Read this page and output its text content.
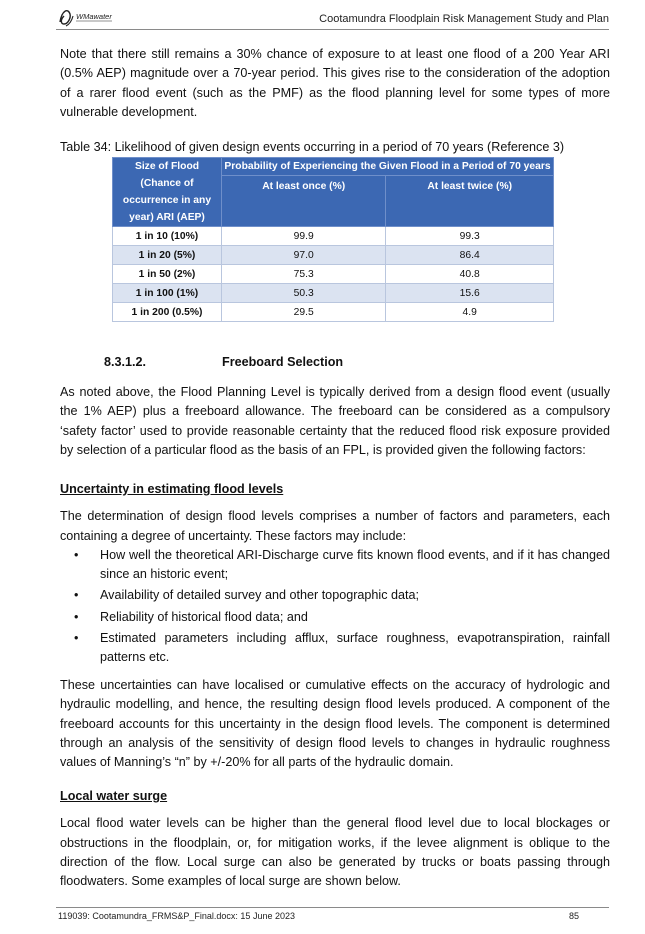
WMawater	Cootamundra Floodplain Risk Management Study and Plan

Note that there still remains a 30% chance of exposure to at least one flood of a 200 Year ARI (0.5% AEP) magnitude over a 70-year period. This gives rise to the consideration of the adoption of a rarer flood event (such as the PMF) as the flood planning level for some types of more vulnerable development.

Table 34: Likelihood of given design events occurring in a period of 70 years (Reference 3)
Size of Flood (Chance of occurrence in any year) ARI (AEP)	Probability of Experiencing the Given Flood in a Period of 70 years	
	At least once (%)	At least twice (%)
1 in 10 (10%)	99.9	99.3
1 in 20 (5%)	97.0	86.4
1 in 50 (2%)	75.3	40.8
1 in 100 (1%)	50.3	15.6
1 in 200 (0.5%)	29.5	4.9
8.3.1.2.	Freeboard Selection

As noted above, the Flood Planning Level is typically derived from a design flood event (usually the 1% AEP) plus a freeboard allowance. The freeboard can be considered as a compulsory ‘safety factor’ used to provide reasonable certainty that the reduced flood risk exposure provided by selection of a particular flood as the basis of an FPL, is provided given the following factors:

Uncertainty in estimating flood levels

The determination of design flood levels comprises a number of factors and parameters, each containing a degree of uncertainty. These factors may include:

• How well the theoretical ARI-Discharge curve fits known flood events, and if it has changed since an historic event;
• Availability of detailed survey and other topographic data;
• Reliability of historical flood data; and
• Estimated parameters including afflux, surface roughness, evapotranspiration, rainfall patterns etc.

These uncertainties can have localised or cumulative effects on the accuracy of hydrologic and hydraulic modelling, and hence, the resulting design flood levels produced. A component of the freeboard accounts for this uncertainty in the design flood levels. The component is determined through an analysis of the sensitivity of design flood levels to changes in hydraulic roughness values of Manning’s “n” by +/-20% for all parts of the hydraulic domain.

Local water surge

Local flood water levels can be higher than the general flood level due to local blockages or obstructions in the floodplain, or, for mitigation works, if the levee alignment is oblique to the direction of the flow. Local surge can also be generated by trucks or boats passing through floodwaters. Some examples of local surge are shown below.

119039: Cootamundra_FRMS&P_Final.docx: 15 June 2023	85
